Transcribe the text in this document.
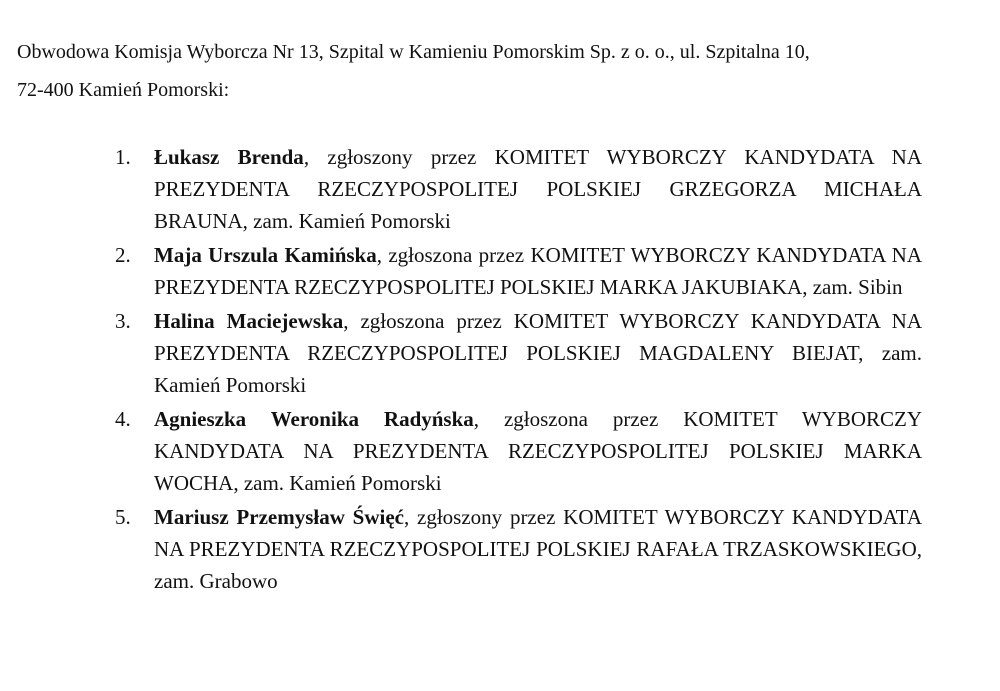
Obwodowa Komisja Wyborcza Nr 13, Szpital w Kamieniu Pomorskim Sp. z o. o., ul. Szpitalna 10,
72-400 Kamień Pomorski:

1.	Łukasz Brenda, zgłoszony przez KOMITET WYBORCZY KANDYDATA NA PREZYDENTA RZECZYPOSPOLITEJ POLSKIEJ GRZEGORZA MICHAŁA BRAUNA, zam. Kamień Pomorski
2.	Maja Urszula Kamińska, zgłoszona przez KOMITET WYBORCZY KANDYDATA NA PREZYDENTA RZECZYPOSPOLITEJ POLSKIEJ MARKA JAKUBIAKA, zam. Sibin
3.	Halina Maciejewska, zgłoszona przez KOMITET WYBORCZY KANDYDATA NA PREZYDENTA RZECZYPOSPOLITEJ POLSKIEJ MAGDALENY BIEJAT, zam. Kamień Pomorski
4.	Agnieszka Weronika Radyńska, zgłoszona przez KOMITET WYBORCZY KANDYDATA NA PREZYDENTA RZECZYPOSPOLITEJ POLSKIEJ MARKA WOCHA, zam. Kamień Pomorski
5.	Mariusz Przemysław Święć, zgłoszony przez KOMITET WYBORCZY KANDYDATA NA PREZYDENTA RZECZYPOSPOLITEJ POLSKIEJ RAFAŁA TRZASKOWSKIEGO, zam. Grabowo
